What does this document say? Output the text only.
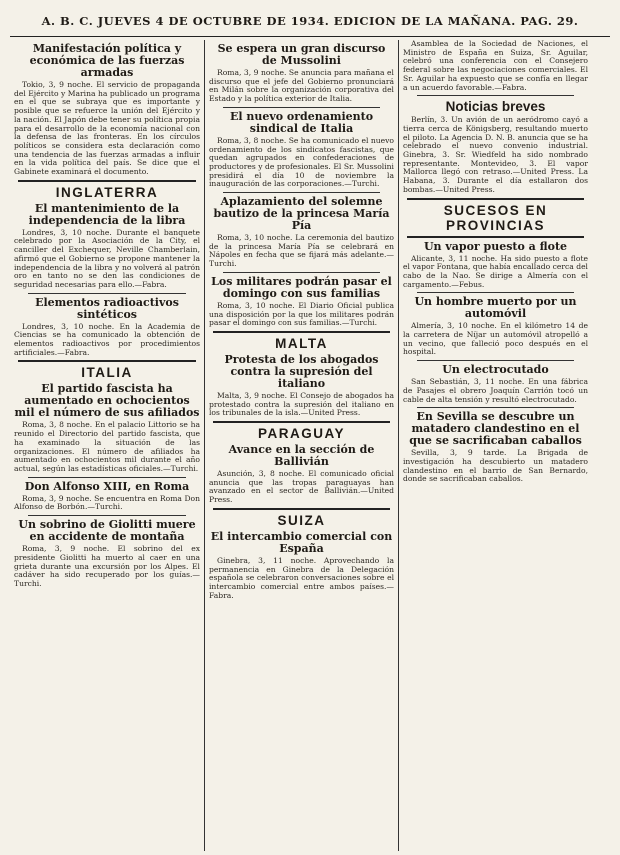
A. B. C. JUEVES 4 DE OCTUBRE DE 1934. EDICION DE LA MAÑANA. PAG. 29.
Manifestación política y económica de las fuerzas armadas

Tokio, 3, 9 noche. El servicio de propaganda del Ejército y Marina ha publicado un programa en el que se subraya que es importante y posible que se refuerce la unión del Ejército y la nación. El Japón debe tener su política propia para el desarrollo de la economía nacional con la defensa de las fronteras. En los círculos políticos se considera esta declaración como una tendencia de las fuerzas armadas a influir en la vida política del país. Se dice que el Gabinete examinará el documento.

INGLATERRA
El mantenimiento de la independencia de la libra

Londres, 3, 10 noche. Durante el banquete celebrado por la Asociación de la City, el canciller del Exchequer, Neville Chamberlain, afirmó que el Gobierno se propone mantener la independencia de la libra y no volverá al patrón oro en tanto no se den las condiciones de seguridad necesarias para ello.—Fabra.

Elementos radioactivos sintéticos

Londres, 3, 10 noche. En la Academia de Ciencias se ha comunicado la obtención de elementos radioactivos por procedimientos artificiales.—Fabra.

ITALIA
El partido fascista ha aumentado en ochocientos mil el número de sus afiliados

Roma, 3, 8 noche. En el palacio Littorio se ha reunido el Directorio del partido fascista, que ha examinado la situación de las organizaciones. El número de afiliados ha aumentado en ochocientos mil durante el año actual, según las estadísticas oficiales.—Turchi.

Don Alfonso XIII, en Roma

Roma, 3, 9 noche. Se encuentra en Roma Don Alfonso de Borbón.—Turchi.

Un sobrino de Giolitti muere en accidente de montaña

Roma, 3, 9 noche. El sobrino del ex presidente Giolitti ha muerto al caer en una grieta durante una excursión por los Alpes. El cadáver ha sido recuperado por los guías.—Turchi.

Se espera un gran discurso de Mussolini

Roma, 3, 9 noche. Se anuncia para mañana el discurso que el jefe del Gobierno pronunciará en Milán sobre la organización corporativa del Estado y la política exterior de Italia.

El nuevo ordenamiento sindical de Italia

Roma, 3, 8 noche. Se ha comunicado el nuevo ordenamiento de los sindicatos fascistas, que quedan agrupados en confederaciones de productores y de profesionales. El Sr. Mussolini presidirá el día 10 de noviembre la inauguración de las corporaciones.—Turchi.

Aplazamiento del solemne bautizo de la princesa María Pía

Roma, 3, 10 noche. La ceremonia del bautizo de la princesa María Pía se celebrará en Nápoles en fecha que se fijará más adelante.—Turchi.

Los militares podrán pasar el domingo con sus familias

Roma, 3, 10 noche. El Diario Oficial publica una disposición por la que los militares podrán pasar el domingo con sus familias.—Turchi.

MALTA
Protesta de los abogados contra la supresión del italiano

Malta, 3, 9 noche. El Consejo de abogados ha protestado contra la supresión del italiano en los tribunales de la isla.—United Press.

PARAGUAY
Avance en la sección de Ballivián

Asunción, 3, 8 noche. El comunicado oficial anuncia que las tropas paraguayas han avanzado en el sector de Ballivián.—United Press.

SUIZA
El intercambio comercial con España

Ginebra, 3, 11 noche. Aprovechando la permanencia en Ginebra de la Delegación española se celebraron conversaciones sobre el intercambio comercial entre ambos países.—Fabra.

Asamblea de la Sociedad de Naciones, el Ministro de España en Suiza, Sr. Aguilar, celebró una conferencia con el Consejero federal sobre las negociaciones comerciales. El Sr. Aguilar ha expuesto que se confía en llegar a un acuerdo favorable.—Fabra.

Noticias breves

Berlín, 3. Un avión de un aeródromo cayó a tierra cerca de Königsberg, resultando muerto el piloto. La Agencia D. N. B. anuncia que se ha celebrado el nuevo convenio industrial. Ginebra, 3. Sr. Wiedfeld ha sido nombrado representante. Montevideo, 3. El vapor Mallorca llegó con retraso.—United Press. La Habana, 3. Durante el día estallaron dos bombas.—United Press.

SUCESOS EN PROVINCIAS
Un vapor puesto a flote

Alicante, 3, 11 noche. Ha sido puesto a flote el vapor Fontana, que había encallado cerca del cabo de la Nao. Se dirige a Almería con el cargamento.—Febus.

Un hombre muerto por un automóvil

Almería, 3, 10 noche. En el kilómetro 14 de la carretera de Níjar un automóvil atropelló a un vecino, que falleció poco después en el hospital.

Un electrocutado

San Sebastián, 3, 11 noche. En una fábrica de Pasajes el obrero Joaquín Carrión tocó un cable de alta tensión y resultó electrocutado.

En Sevilla se descubre un matadero clandestino en el que se sacrificaban caballos

Sevilla, 3, 9 tarde. La Brigada de investigación ha descubierto un matadero clandestino en el barrio de San Bernardo, donde se sacrificaban caballos.
